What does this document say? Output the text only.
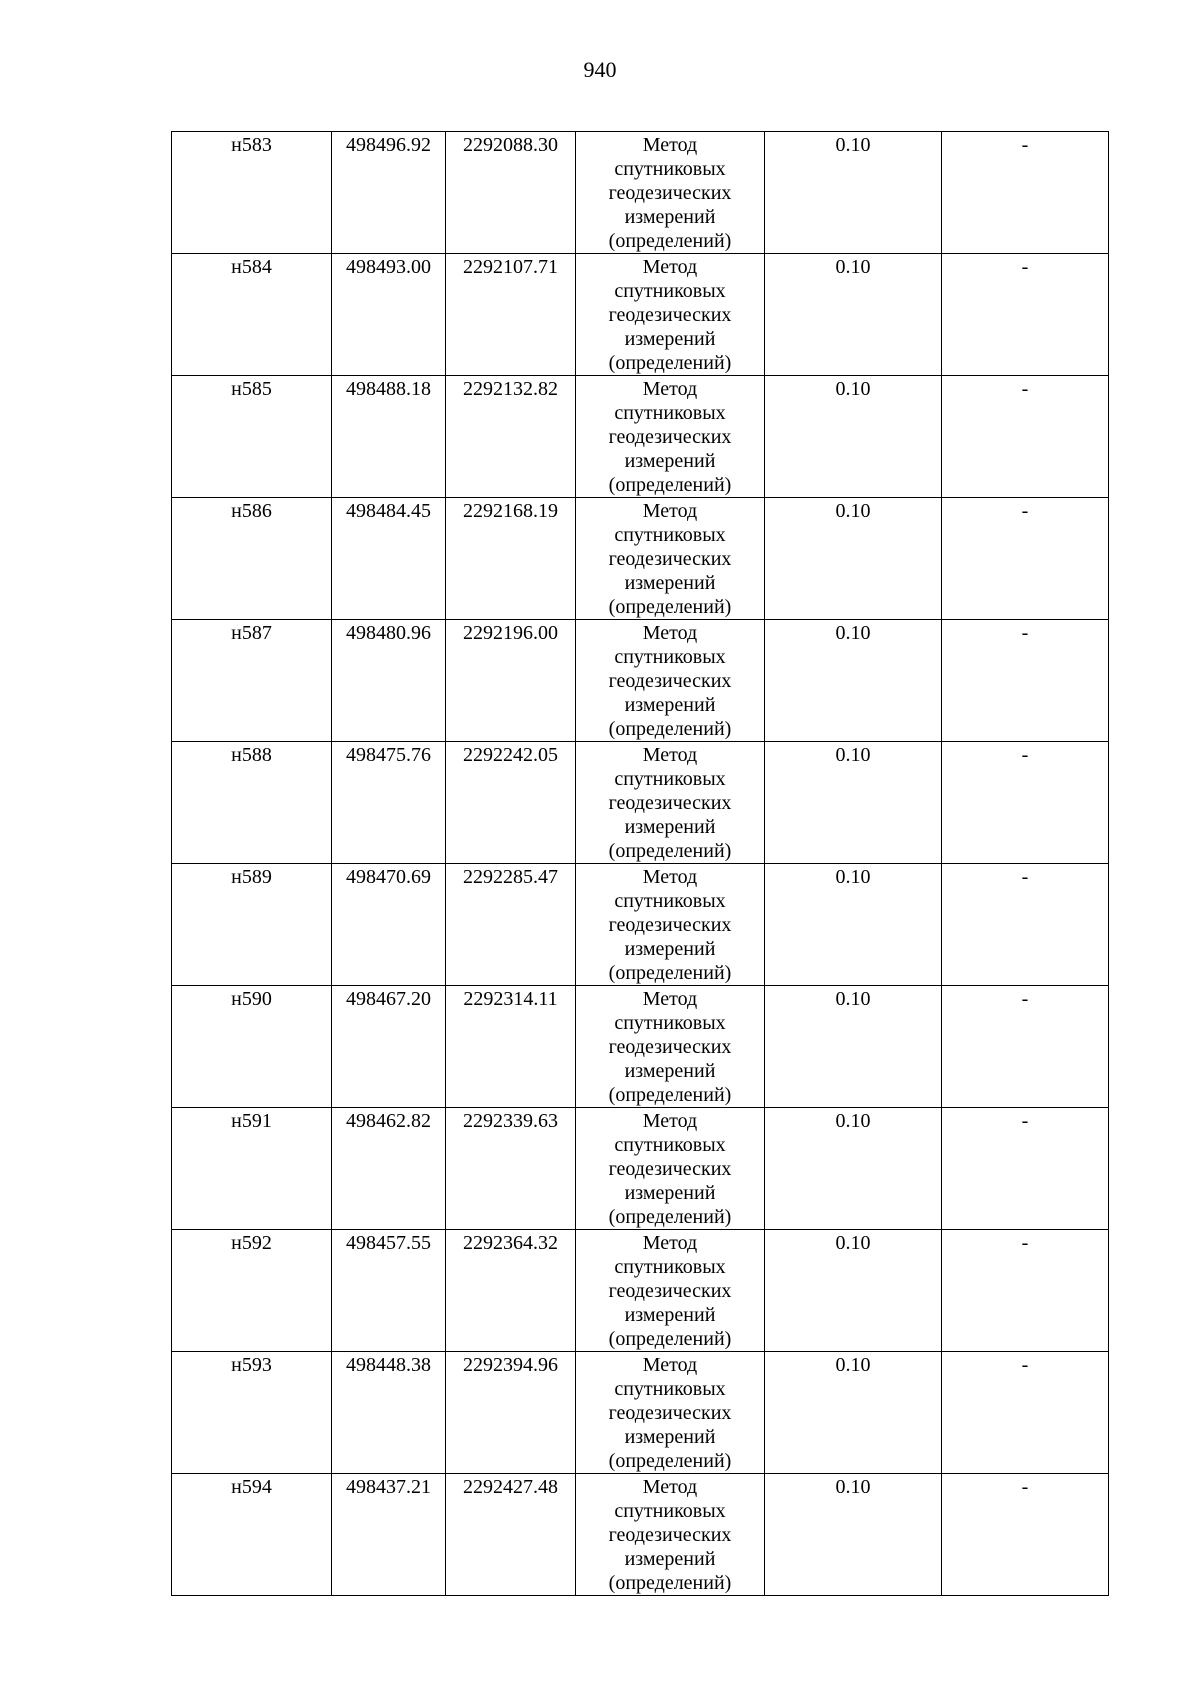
940
н583	498496.92	2292088.30	Метод
спутниковых
геодезических
измерений
(определений)	0.10	-

н584	498493.00	2292107.71	Метод
спутниковых
геодезических
измерений
(определений)	0.10	-

н585	498488.18	2292132.82	Метод
спутниковых
геодезических
измерений
(определений)	0.10	-

н586	498484.45	2292168.19	Метод
спутниковых
геодезических
измерений
(определений)	0.10	-

н587	498480.96	2292196.00	Метод
спутниковых
геодезических
измерений
(определений)	0.10	-

н588	498475.76	2292242.05	Метод
спутниковых
геодезических
измерений
(определений)	0.10	-

н589	498470.69	2292285.47	Метод
спутниковых
геодезических
измерений
(определений)	0.10	-

н590	498467.20	2292314.11	Метод
спутниковых
геодезических
измерений
(определений)	0.10	-

н591	498462.82	2292339.63	Метод
спутниковых
геодезических
измерений
(определений)	0.10	-

н592	498457.55	2292364.32	Метод
спутниковых
геодезических
измерений
(определений)	0.10	-

н593	498448.38	2292394.96	Метод
спутниковых
геодезических
измерений
(определений)	0.10	-

н594	498437.21	2292427.48	Метод
спутниковых
геодезических
измерений
(определений)	0.10	-
